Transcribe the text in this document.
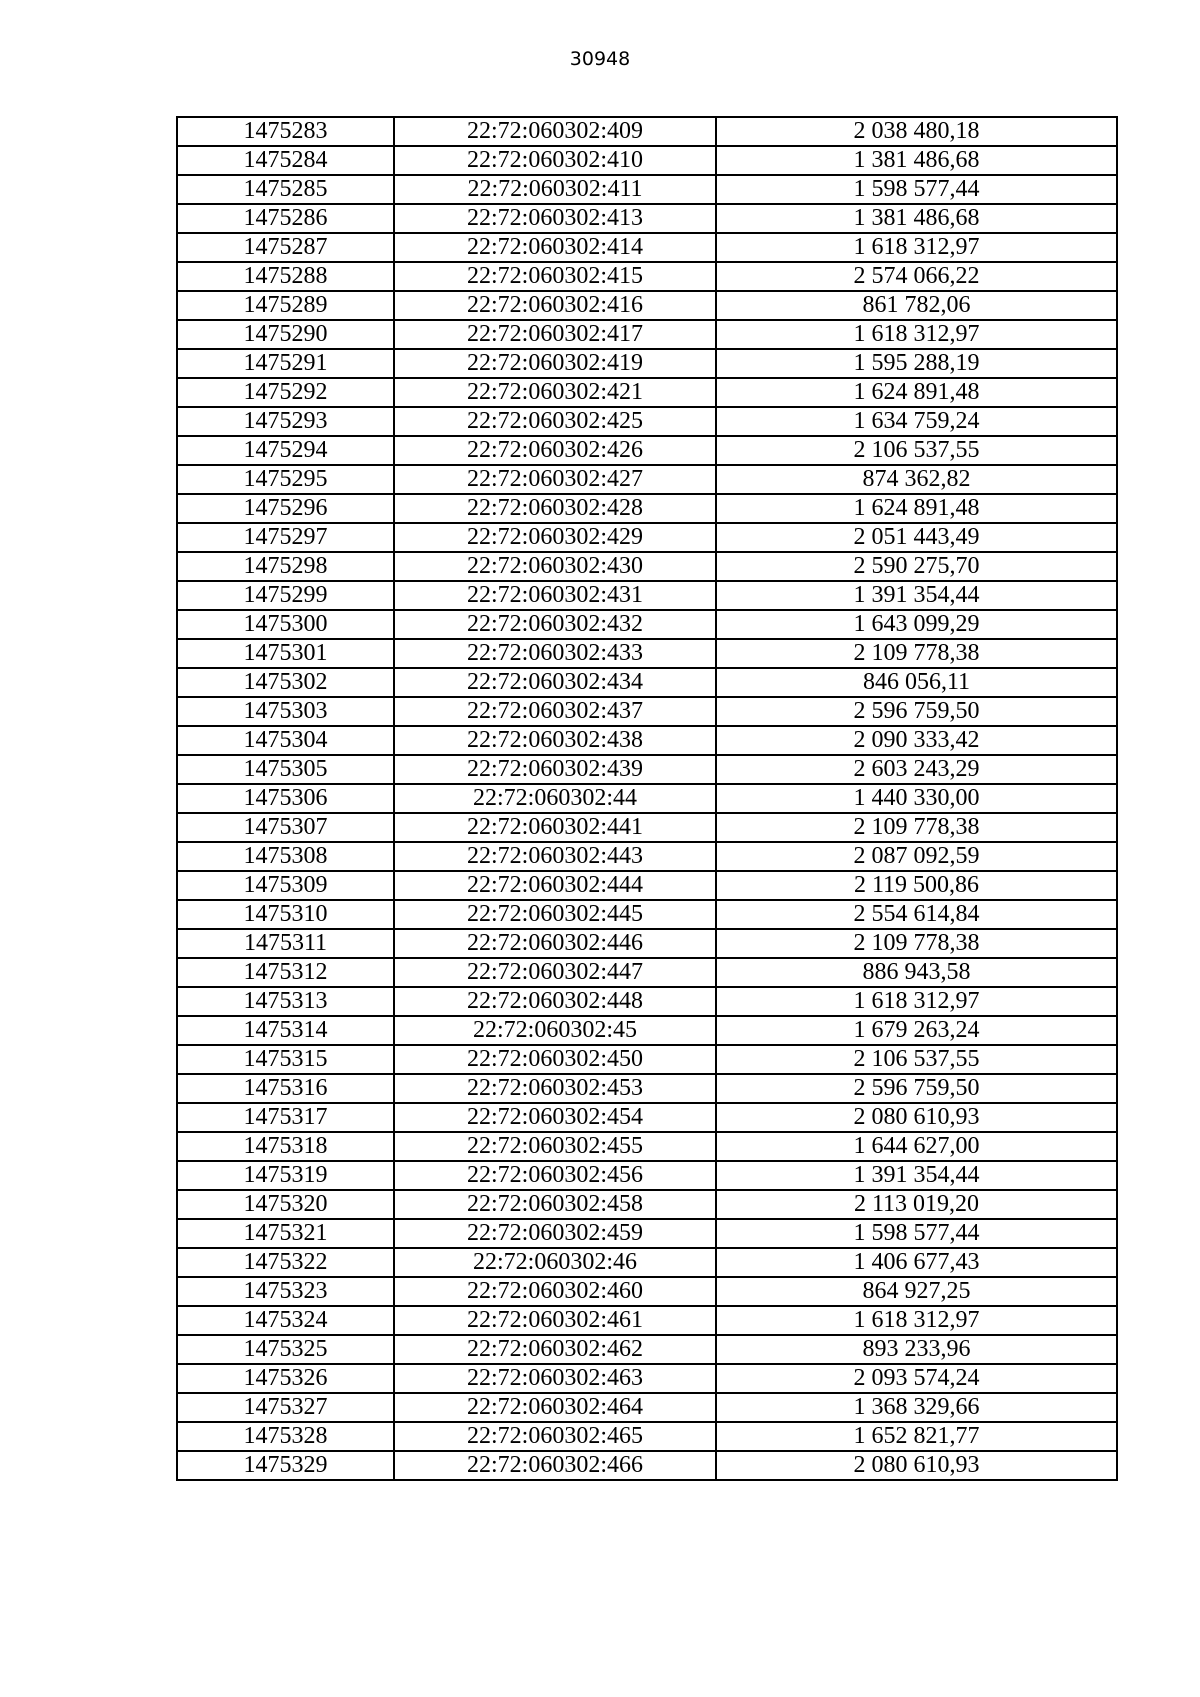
30948
1475283	22:72:060302:409	2 038 480,18
1475284	22:72:060302:410	1 381 486,68
1475285	22:72:060302:411	1 598 577,44
1475286	22:72:060302:413	1 381 486,68
1475287	22:72:060302:414	1 618 312,97
1475288	22:72:060302:415	2 574 066,22
1475289	22:72:060302:416	861 782,06
1475290	22:72:060302:417	1 618 312,97
1475291	22:72:060302:419	1 595 288,19
1475292	22:72:060302:421	1 624 891,48
1475293	22:72:060302:425	1 634 759,24
1475294	22:72:060302:426	2 106 537,55
1475295	22:72:060302:427	874 362,82
1475296	22:72:060302:428	1 624 891,48
1475297	22:72:060302:429	2 051 443,49
1475298	22:72:060302:430	2 590 275,70
1475299	22:72:060302:431	1 391 354,44
1475300	22:72:060302:432	1 643 099,29
1475301	22:72:060302:433	2 109 778,38
1475302	22:72:060302:434	846 056,11
1475303	22:72:060302:437	2 596 759,50
1475304	22:72:060302:438	2 090 333,42
1475305	22:72:060302:439	2 603 243,29
1475306	22:72:060302:44	1 440 330,00
1475307	22:72:060302:441	2 109 778,38
1475308	22:72:060302:443	2 087 092,59
1475309	22:72:060302:444	2 119 500,86
1475310	22:72:060302:445	2 554 614,84
1475311	22:72:060302:446	2 109 778,38
1475312	22:72:060302:447	886 943,58
1475313	22:72:060302:448	1 618 312,97
1475314	22:72:060302:45	1 679 263,24
1475315	22:72:060302:450	2 106 537,55
1475316	22:72:060302:453	2 596 759,50
1475317	22:72:060302:454	2 080 610,93
1475318	22:72:060302:455	1 644 627,00
1475319	22:72:060302:456	1 391 354,44
1475320	22:72:060302:458	2 113 019,20
1475321	22:72:060302:459	1 598 577,44
1475322	22:72:060302:46	1 406 677,43
1475323	22:72:060302:460	864 927,25
1475324	22:72:060302:461	1 618 312,97
1475325	22:72:060302:462	893 233,96
1475326	22:72:060302:463	2 093 574,24
1475327	22:72:060302:464	1 368 329,66
1475328	22:72:060302:465	1 652 821,77
1475329	22:72:060302:466	2 080 610,93
